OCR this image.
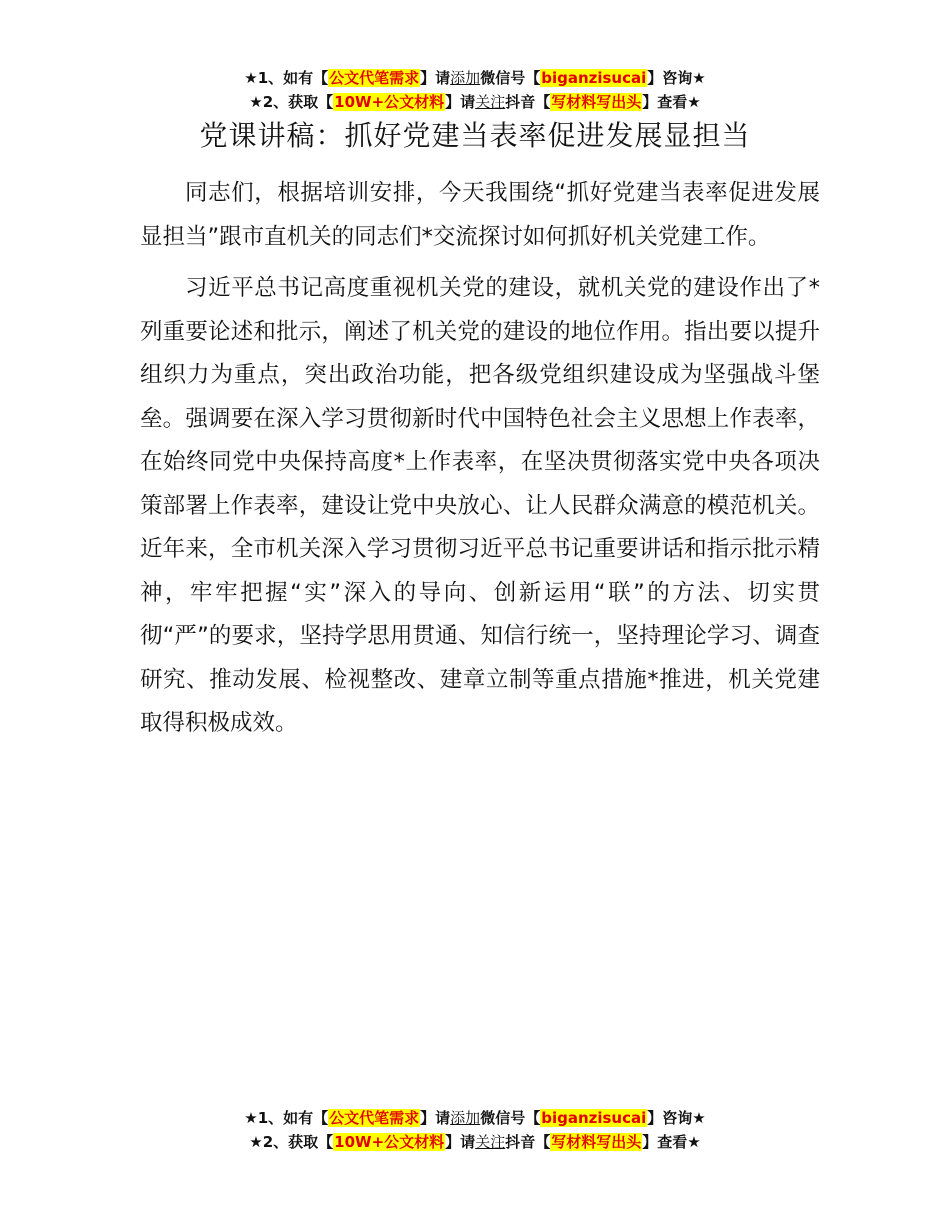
★1、如有【公文代笔需求】请添加微信号【biganzisucai】咨询★
★2、获取【10W+公文材料】请关注抖音【写材料写出头】查看★
党课讲稿：抓好党建当表率促进发展显担当

同志们，根据培训安排，今天我围绕“抓好党建当表率促进发展显担当”跟市直机关的同志们*交流探讨如何抓好机关党建工作。

习近平总书记高度重视机关党的建设，就机关党的建设作出了*列重要论述和批示，阐述了机关党的建设的地位作用。指出要以提升组织力为重点，突出政治功能，把各级党组织建设成为坚强战斗堡垒。强调要在深入学习贯彻新时代中国特色社会主义思想上作表率，在始终同党中央保持高度*上作表率，在坚决贯彻落实党中央各项决策部署上作表率，建设让党中央放心、让人民群众满意的模范机关。近年来，全市机关深入学习贯彻习近平总书记重要讲话和指示批示精神，牢牢把握“实”深入的导向、创新运用“联”的方法、切实贯彻“严”的要求，坚持学思用贯通、知信行统一，坚持理论学习、调查研究、推动发展、检视整改、建章立制等重点措施*推进，机关党建取得积极成效。

★1、如有【公文代笔需求】请添加微信号【biganzisucai】咨询★
★2、获取【10W+公文材料】请关注抖音【写材料写出头】查看★
